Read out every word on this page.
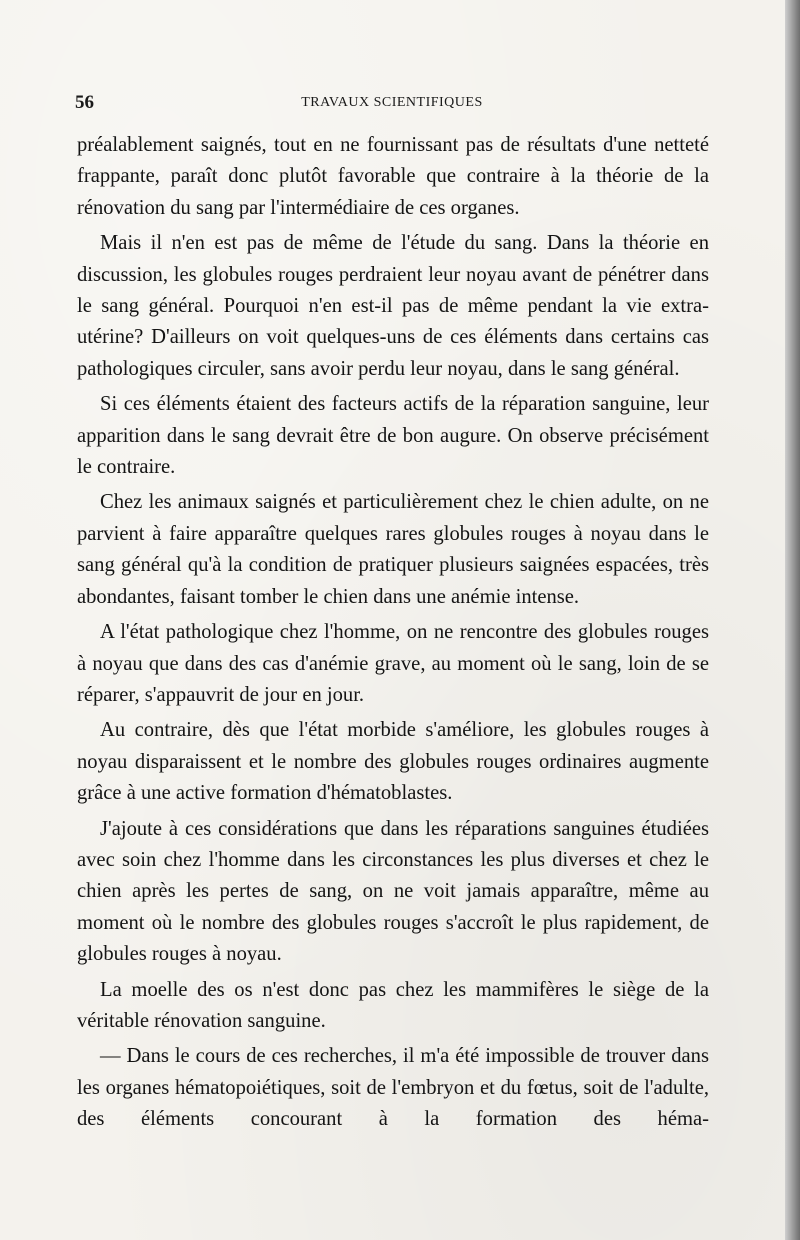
56	TRAVAUX SCIENTIFIQUES

préalablement saignés, tout en ne fournissant pas de résultats d'une netteté frappante, paraît donc plutôt favorable que contraire à la théorie de la rénovation du sang par l'intermédiaire de ces organes.

Mais il n'en est pas de même de l'étude du sang. Dans la théorie en discussion, les globules rouges perdraient leur noyau avant de pénétrer dans le sang général. Pourquoi n'en est-il pas de même pendant la vie extra-utérine? D'ailleurs on voit quelques-uns de ces éléments dans certains cas pathologiques circuler, sans avoir perdu leur noyau, dans le sang général.

Si ces éléments étaient des facteurs actifs de la réparation sanguine, leur apparition dans le sang devrait être de bon augure. On observe précisément le contraire.

Chez les animaux saignés et particulièrement chez le chien adulte, on ne parvient à faire apparaître quelques rares globules rouges à noyau dans le sang général qu'à la condition de pratiquer plusieurs saignées espacées, très abondantes, faisant tomber le chien dans une anémie intense.

A l'état pathologique chez l'homme, on ne rencontre des globules rouges à noyau que dans des cas d'anémie grave, au moment où le sang, loin de se réparer, s'appauvrit de jour en jour.

Au contraire, dès que l'état morbide s'améliore, les globules rouges à noyau disparaissent et le nombre des globules rouges ordinaires augmente grâce à une active formation d'hématoblastes.

J'ajoute à ces considérations que dans les réparations sanguines étudiées avec soin chez l'homme dans les circonstances les plus diverses et chez le chien après les pertes de sang, on ne voit jamais apparaître, même au moment où le nombre des globules rouges s'accroît le plus rapidement, de globules rouges à noyau.

La moelle des os n'est donc pas chez les mammifères le siège de la véritable rénovation sanguine.

— Dans le cours de ces recherches, il m'a été impossible de trouver dans les organes hématopoiétiques, soit de l'embryon et du fœtus, soit de l'adulte, des éléments concourant à la formation des héma-
